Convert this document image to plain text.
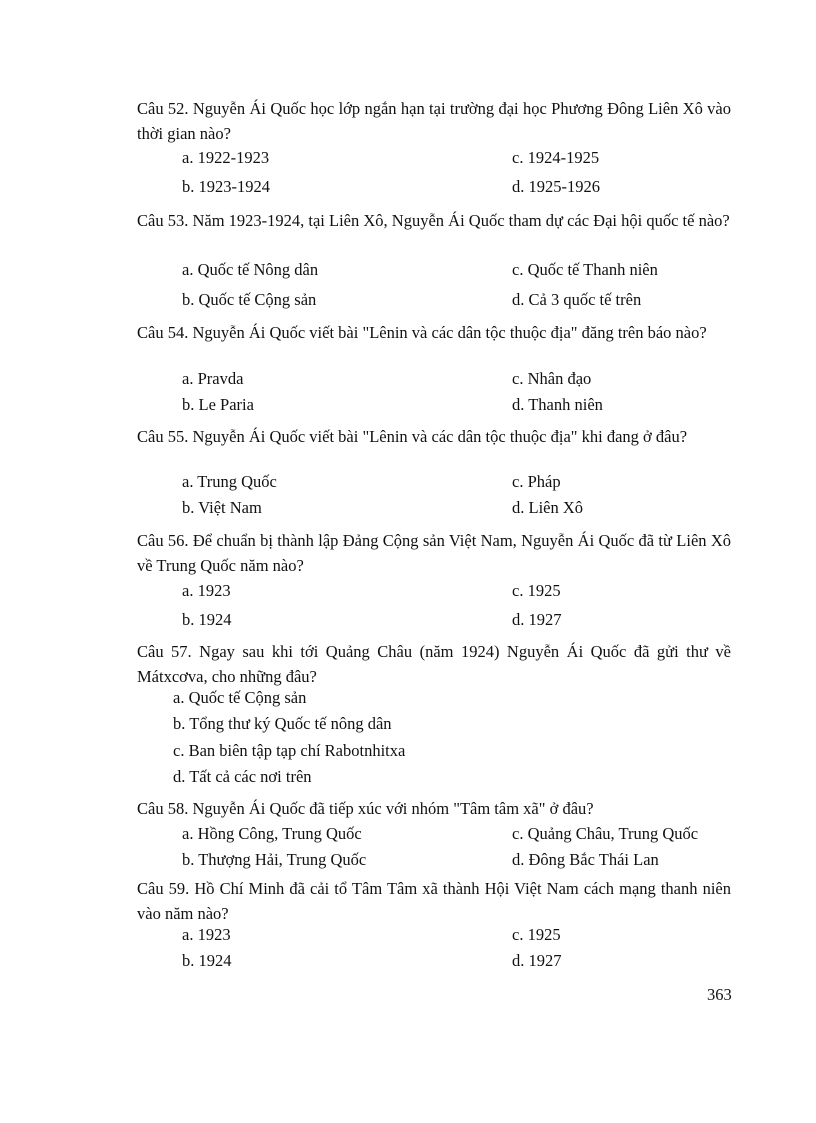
Câu 52. Nguyễn Ái Quốc học lớp ngắn hạn tại trường đại học Phương Đông Liên Xô vào thời gian nào?

a. 1922-1923
b. 1923-1924
c. 1924-1925
d. 1925-1926

Câu 53. Năm 1923-1924, tại Liên Xô, Nguyễn Ái Quốc tham dự các Đại hội quốc tế nào?

a. Quốc tế Nông dân
b. Quốc tế Cộng sản
c. Quốc tế Thanh niên
d. Cả 3 quốc tế trên

Câu 54. Nguyễn Ái Quốc viết bài "Lênin và các dân tộc thuộc địa" đăng trên báo nào?

a. Pravda
b. Le Paria
c. Nhân đạo
d. Thanh niên

Câu 55. Nguyễn Ái Quốc viết bài "Lênin và các dân tộc thuộc địa" khi đang ở đâu?

a. Trung Quốc
b. Việt Nam
c. Pháp
d. Liên Xô

Câu 56. Để chuẩn bị thành lập Đảng Cộng sản Việt Nam, Nguyễn Ái Quốc đã từ Liên Xô về Trung Quốc năm nào?

a. 1923
b. 1924
c. 1925
d. 1927

Câu 57. Ngay sau khi tới Quảng Châu (năm 1924) Nguyễn Ái Quốc đã gửi thư về Mátxcơva, cho những đâu?

a. Quốc tế Cộng sản
b. Tổng thư ký Quốc tế nông dân
c. Ban biên tập tạp chí Rabotnhitxa
d. Tất cả các nơi trên

Câu 58. Nguyễn Ái Quốc đã tiếp xúc với nhóm "Tâm tâm xã" ở đâu?

a. Hồng Công, Trung Quốc
b. Thượng Hải, Trung Quốc
c. Quảng Châu, Trung Quốc
d. Đông Bắc Thái Lan

Câu 59. Hồ Chí Minh đã cải tổ Tâm Tâm xã thành Hội Việt Nam cách mạng thanh niên vào năm nào?

a. 1923
b. 1924
c. 1925
d. 1927
363
